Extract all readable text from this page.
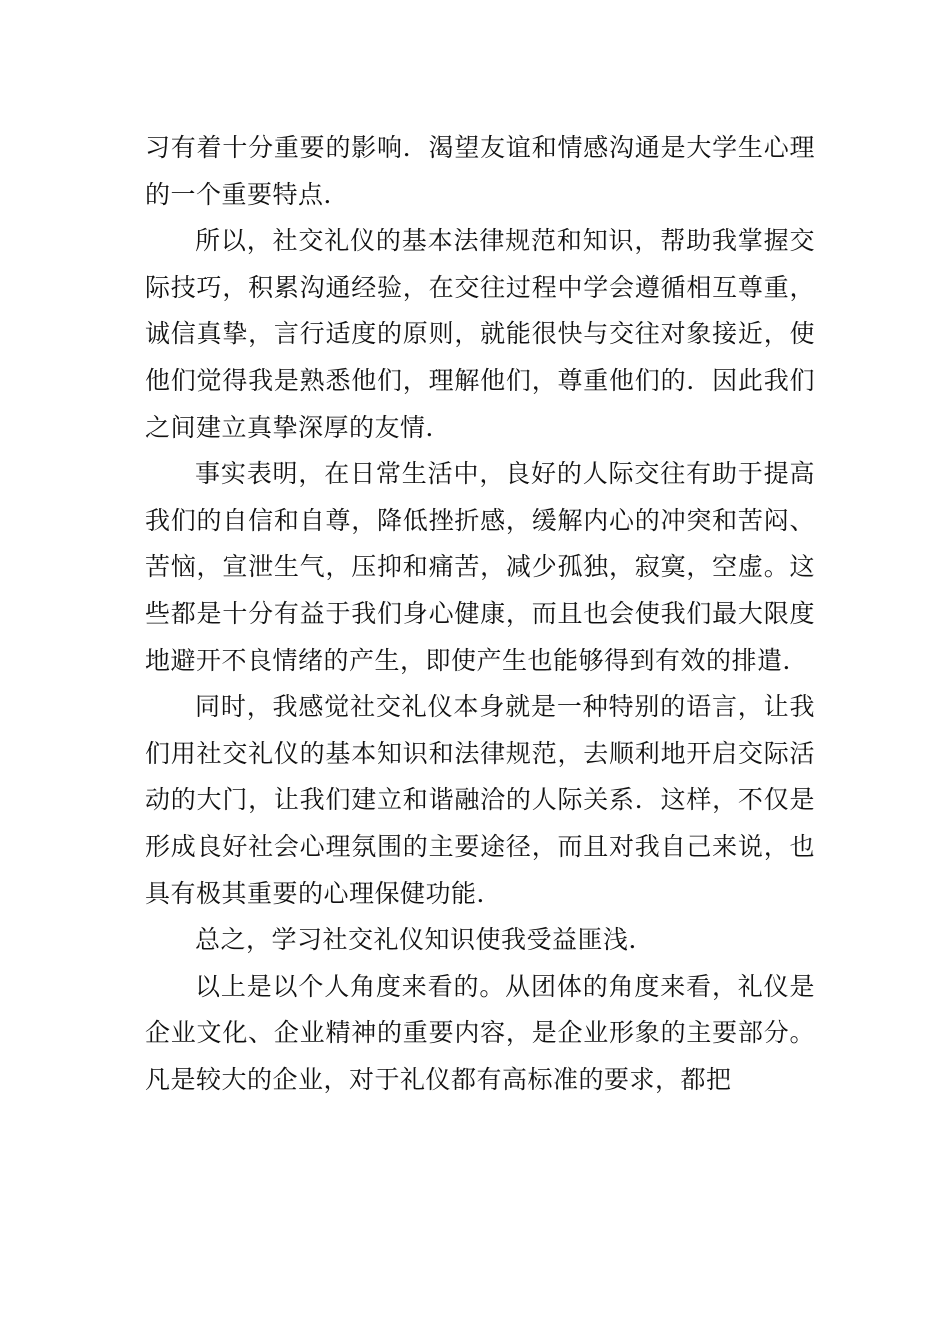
习有着十分重要的影响．渴望友谊和情感沟通是大学生心理的一个重要特点．

所以，社交礼仪的基本法律规范和知识，帮助我掌握交际技巧，积累沟通经验，在交往过程中学会遵循相互尊重，诚信真挚，言行适度的原则，就能很快与交往对象接近，使他们觉得我是熟悉他们，理解他们，尊重他们的．因此我们之间建立真挚深厚的友情．

事实表明，在日常生活中，良好的人际交往有助于提高我们的自信和自尊，降低挫折感，缓解内心的冲突和苦闷、苦恼，宣泄生气，压抑和痛苦，减少孤独，寂寞，空虚。这些都是十分有益于我们身心健康，而且也会使我们最大限度地避开不良情绪的产生，即使产生也能够得到有效的排遣．

同时，我感觉社交礼仪本身就是一种特别的语言，让我们用社交礼仪的基本知识和法律规范，去顺利地开启交际活动的大门，让我们建立和谐融洽的人际关系．这样，不仅是形成良好社会心理氛围的主要途径，而且对我自己来说，也具有极其重要的心理保健功能．

总之，学习社交礼仪知识使我受益匪浅．

以上是以个人角度来看的。从团体的角度来看，礼仪是企业文化、企业精神的重要内容，是企业形象的主要部分。凡是较大的企业，对于礼仪都有高标准的要求，都把
